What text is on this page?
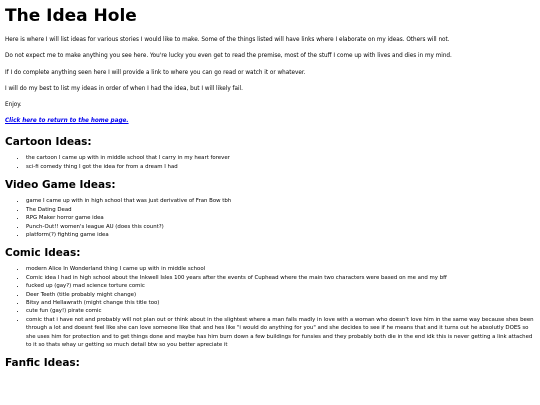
The Idea Hole

Here is where I will list ideas for various stories I would like to make. Some of the things listed will have links where I elaborate on my ideas. Others will not.

Do not expect me to make anything you see here. You're lucky you even get to read the premise, most of the stuff I come up with lives and dies in my mind.

If I do complete anything seen here I will provide a link to where you can go read or watch it or whatever.

I will do my best to list my ideas in order of when I had the idea, but I will likely fail.

Enjoy.

Click here to return to the home page.

Cartoon Ideas:
• the cartoon I came up with in middle school that I carry in my heart forever
• sci-fi comedy thing I got the idea for from a dream I had
Video Game Ideas:
• game I came up with in high school that was just derivative of Fran Bow tbh
• The Dating Dead
• RPG Maker horror game idea
• Punch-Out!! women's league AU (does this count?)
• platform(?) fighting game idea
Comic Ideas:
• modern Alice In Wonderland thing I came up with in middle school
• Comic idea I had in high school about the Inkwell Isles 100 years after the events of Cuphead where the main two characters were based on me and my bff
• fucked up (gay?) mad science torture comic
• Deer Teeth (title probably might change)
• Bitsy and Hellawrath (might change this title too)
• cute fun (gay!) pirate comic
• comic that i have not and probably will not plan out or think about in the slightest where a man falls madly in love with a woman who doesn't love him in the same way because shes been through a lot and doesnt feel like she can love someone like that and hes like "i would do anything for you" and she decides to see if he means that and it turns out he absolutly DOES so she uses him for protection and to get things done and maybe has him burn down a few buildings for funsies and they probably both die in the end idk this is never getting a link attached to it so thats whay ur getting so much detail btw so you better apreciate it
Fanfic Ideas:
